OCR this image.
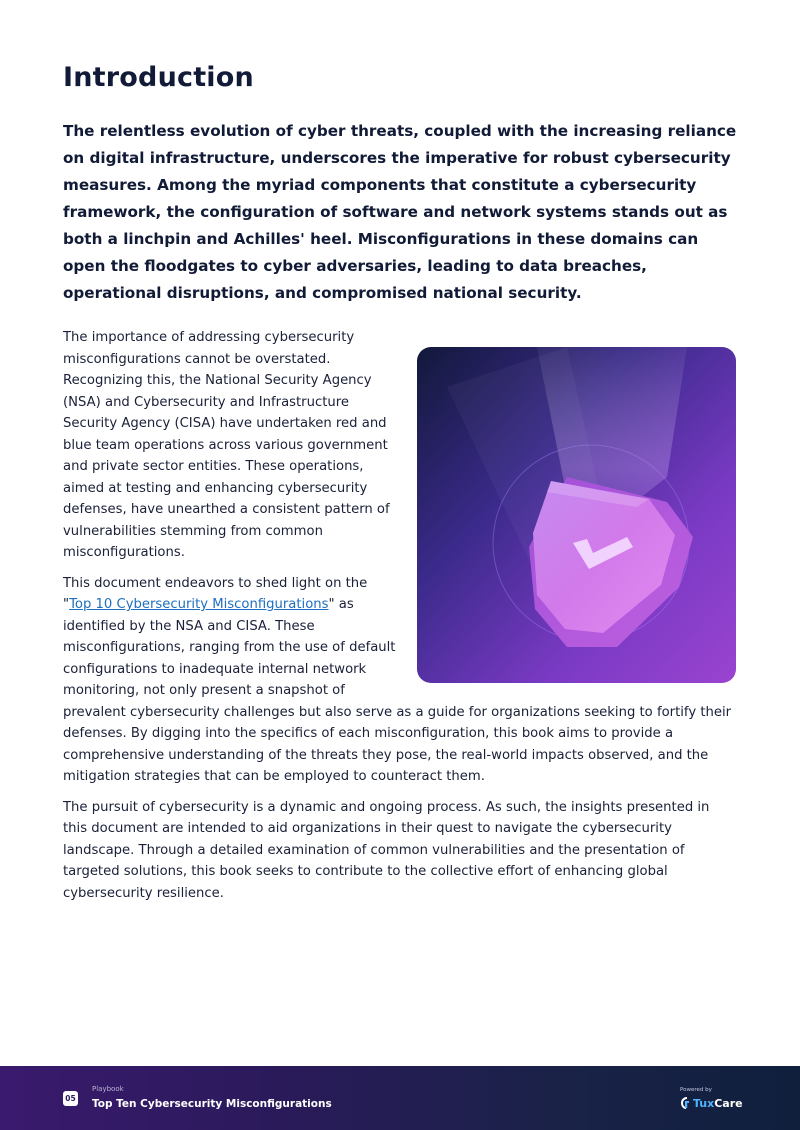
Introduction

The relentless evolution of cyber threats, coupled with the increasing reliance on digital infrastructure, underscores the imperative for robust cybersecurity measures. Among the myriad components that constitute a cybersecurity framework, the configuration of software and network systems stands out as both a linchpin and Achilles' heel. Misconfigurations in these domains can open the floodgates to cyber adversaries, leading to data breaches, operational disruptions, and compromised national security.

The importance of addressing cybersecurity misconfigurations cannot be overstated. Recognizing this, the National Security Agency (NSA) and Cybersecurity and Infrastructure Security Agency (CISA) have undertaken red and blue team operations across various government and private sector entities. These operations, aimed at testing and enhancing cybersecurity defenses, have unearthed a consistent pattern of vulnerabilities stemming from common misconfigurations.

This document endeavors to shed light on the "Top 10 Cybersecurity Misconfigurations" as identified by the NSA and CISA. These misconfigurations, ranging from the use of default configurations to inadequate internal network monitoring, not only present a snapshot of prevalent cybersecurity challenges but also serve as a guide for organizations seeking to fortify their defenses. By digging into the specifics of each misconfiguration, this book aims to provide a comprehensive understanding of the threats they pose, the real-world impacts observed, and the mitigation strategies that can be employed to counteract them.

The pursuit of cybersecurity is a dynamic and ongoing process. As such, the insights presented in this document are intended to aid organizations in their quest to navigate the cybersecurity landscape. Through a detailed examination of common vulnerabilities and the presentation of targeted solutions, this book seeks to contribute to the collective effort of enhancing global cybersecurity resilience.

05
Playbook
Top Ten Cybersecurity Misconfigurations
Powered by
Tux Care
